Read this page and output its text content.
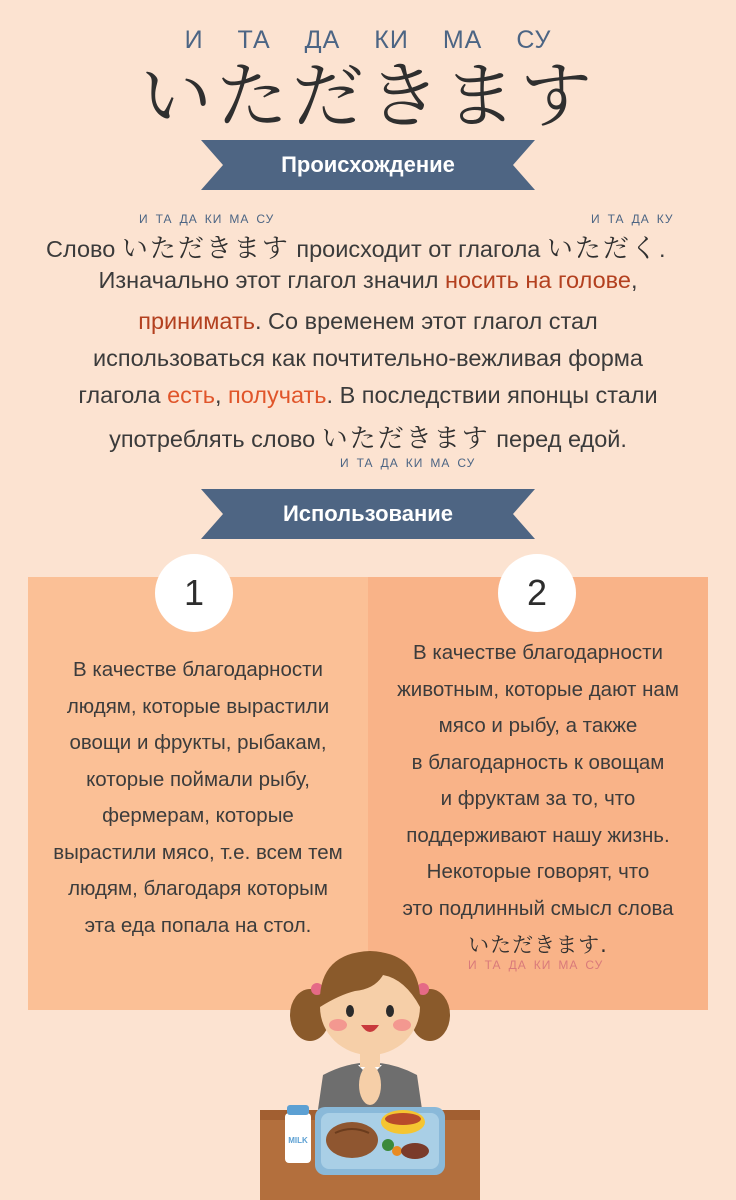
И ТА ДА КИ МА СУ
いただきます
Происхождение
И ТА ДА КИ МА СУ	И ТА ДА КУ
Слово いただきます происходит от глагола いただく.
Изначально этот глагол значил носить на голове,
принимать. Со временем этот глагол стал
использоваться как почтительно-вежливая форма
глагола есть, получать. В последствии японцы стали
употреблять слово いただきます перед едой.
И ТА ДА КИ МА СУ
Использование
1	2
В качестве благодарности
людям, которые вырастили
овощи и фрукты, рыбакам,
которые поймали рыбу,
фермерам, которые
вырастили мясо, т.е. всем тем
людям, благодаря которым
эта еда попала на стол.
В качестве благодарности
животным, которые дают нам
мясо и рыбу, а также
в благодарность к овощам
и фруктам за то, что
поддерживают нашу жизнь.
Некоторые говорят, что
это подлинный смысл слова
いただきます.
И ТА ДА КИ МА СУ
MILK
